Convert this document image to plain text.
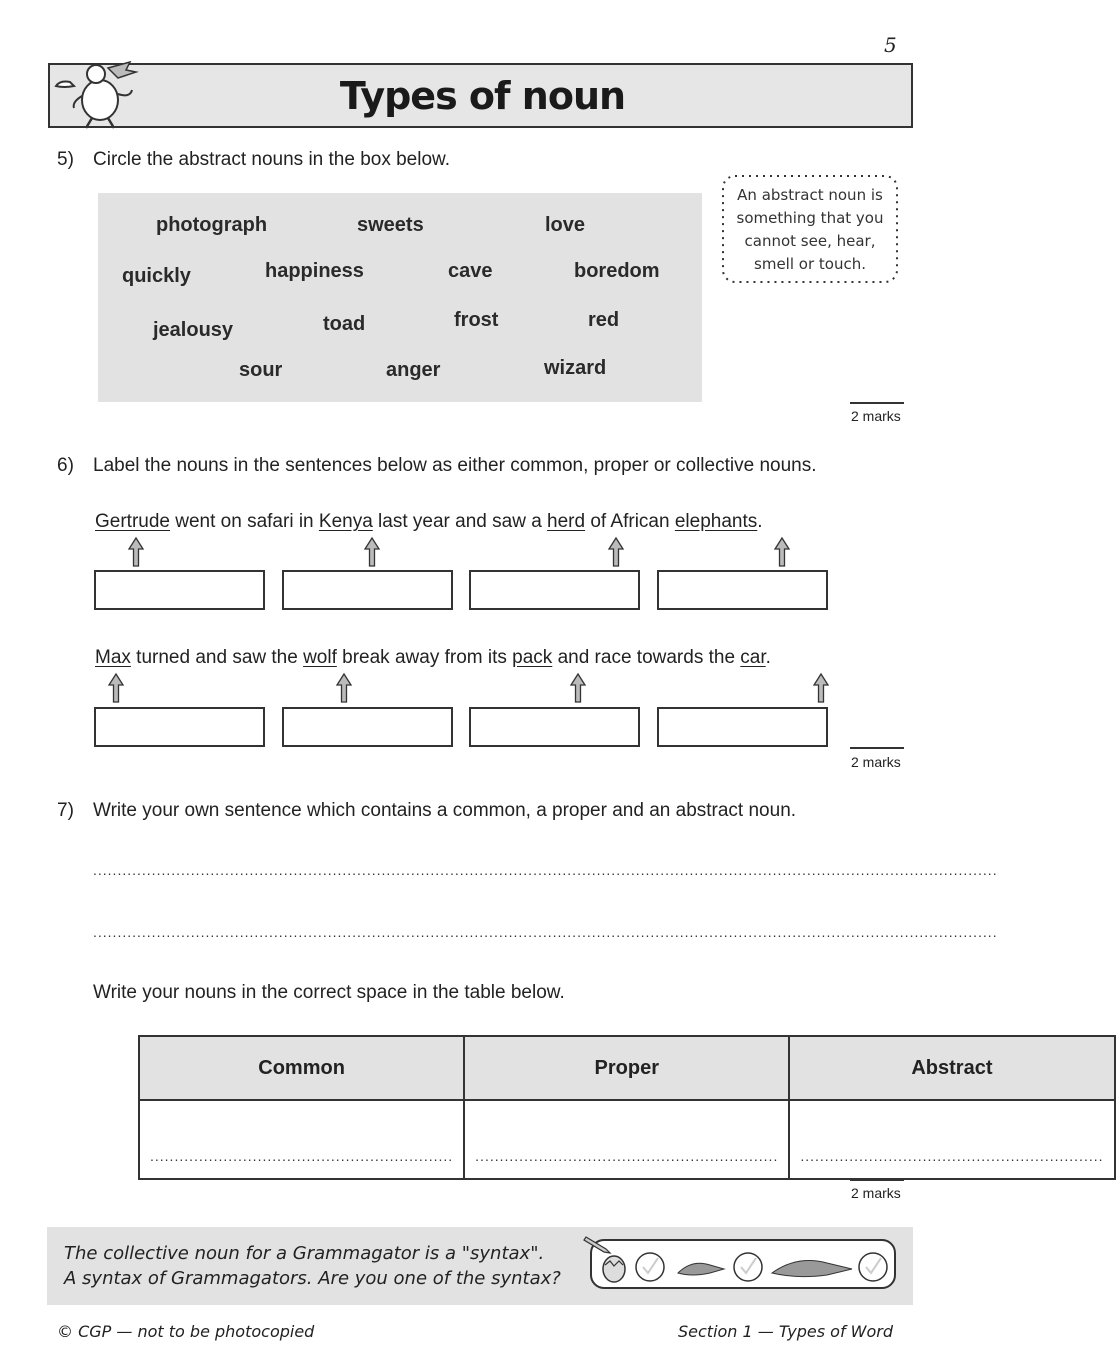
5
Types of noun
5) Circle the abstract nouns in the box below.
photograph	sweets	love
quickly	happiness	cave	boredom
jealousy	toad	frost	red
sour	anger	wizard
An abstract noun is
something that you
cannot see, hear,
smell or touch.
2 marks
6) Label the nouns in the sentences below as either common, proper or collective nouns.
Gertrude went on safari in Kenya last year and saw a herd of African elephants.
Max turned and saw the wolf break away from its pack and race towards the car.
2 marks
7) Write your own sentence which contains a common, a proper and an abstract noun.
.........................................................................................................................................................................................
.........................................................................................................................................................................................
Write your nouns in the correct space in the table below.
Common	Proper	Abstract

..............................................................	..............................................................	..............................................................
2 marks
The collective noun for a Grammagator is a "syntax".
A syntax of Grammagators. Are you one of the syntax?
© CGP — not to be photocopied	Section 1 — Types of Word
